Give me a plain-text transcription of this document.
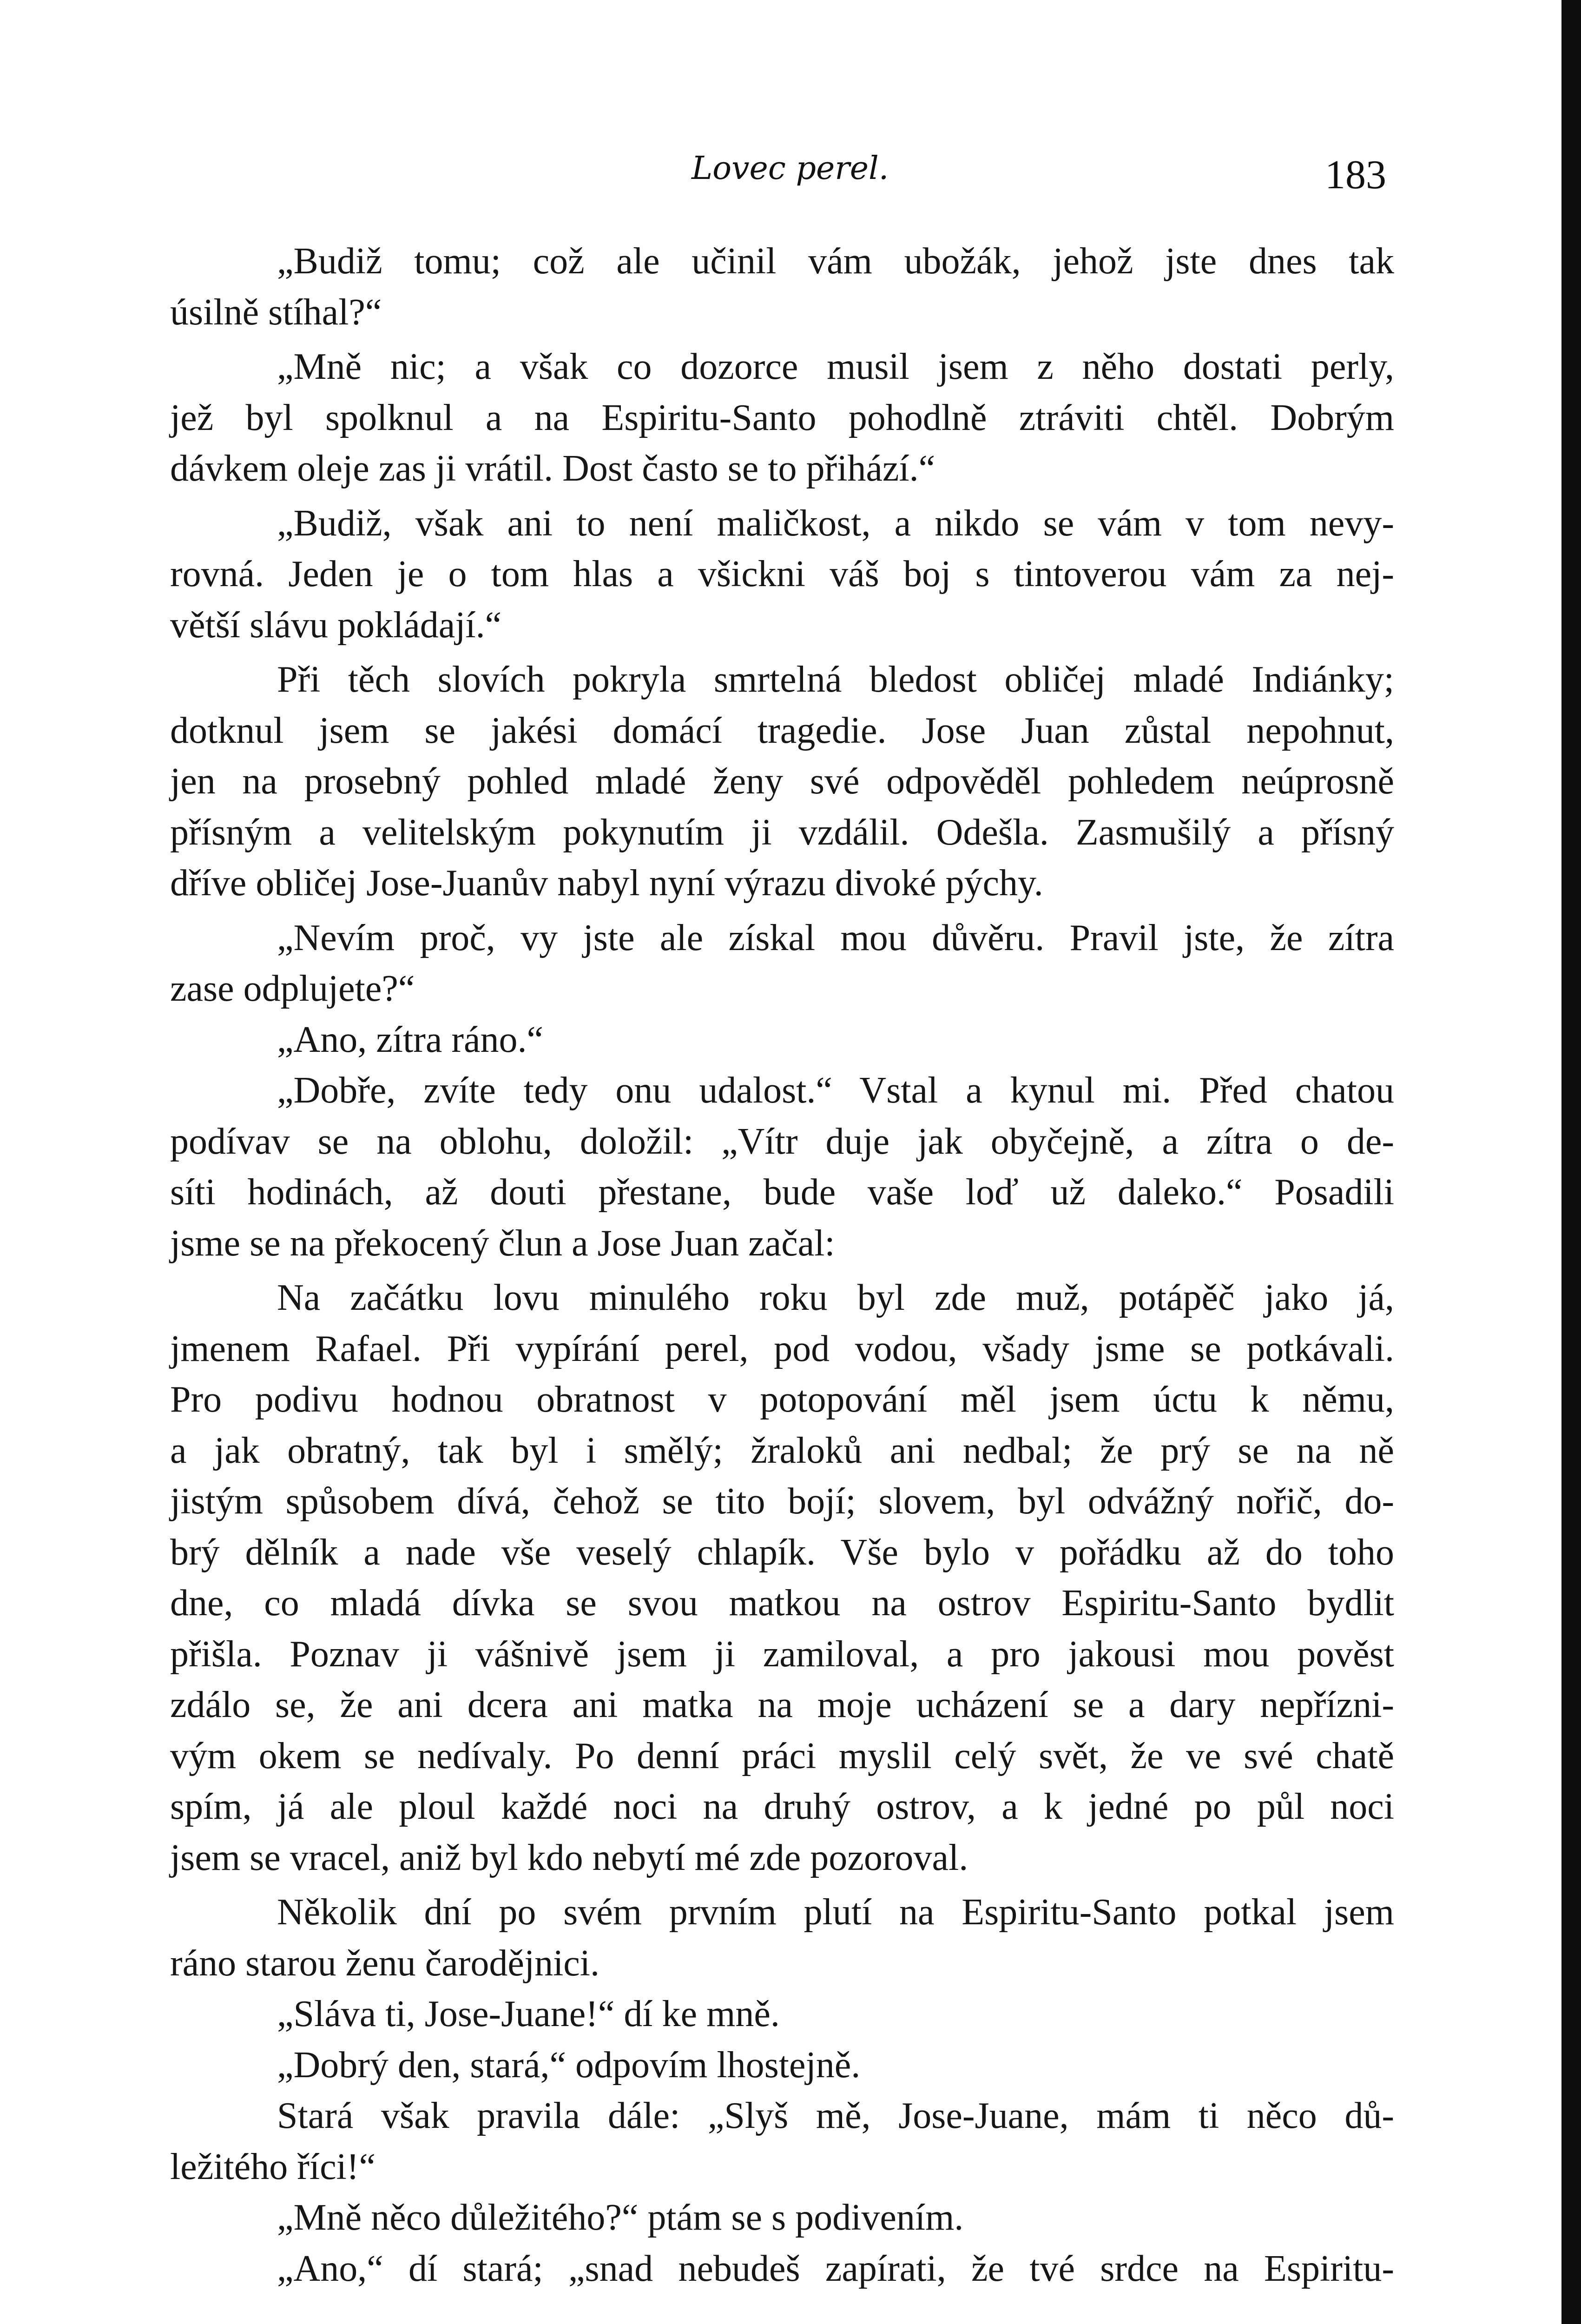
Lovec perel.	183
„Budiž tomu; což ale učinil vám ubožák, jehož jste dnes tak
úsilně stíhal?“
„Mně nic; a však co dozorce musil jsem z něho dostati perly,
jež byl spolknul a na Espiritu-Santo pohodlně ztráviti chtěl. Dobrým
dávkem oleje zas ji vrátil. Dost často se to přihází.“
„Budiž, však ani to není maličkost, a nikdo se vám v tom nevy-
rovná. Jeden je o tom hlas a všickni váš boj s tintoverou vám za nej-
větší slávu pokládají.“
Při těch slovích pokryla smrtelná bledost obličej mladé Indiánky;
dotknul jsem se jakési domácí tragedie. Jose Juan zůstal nepohnut,
jen na prosebný pohled mladé ženy své odpověděl pohledem neúprosně
přísným a velitelským pokynutím ji vzdálil. Odešla. Zasmušilý a přísný
dříve obličej Jose-Juanův nabyl nyní výrazu divoké pýchy.
„Nevím proč, vy jste ale získal mou důvěru. Pravil jste, že zítra
zase odplujete?“
„Ano, zítra ráno.“
„Dobře, zvíte tedy onu udalost.“ Vstal a kynul mi. Před chatou
podívav se na oblohu, doložil: „Vítr duje jak obyčejně, a zítra o de-
síti hodinách, až douti přestane, bude vaše loď už daleko.“ Posadili
jsme se na překocený člun a Jose Juan začal:
Na začátku lovu minulého roku byl zde muž, potápěč jako já,
jmenem Rafael. Při vypírání perel, pod vodou, všady jsme se potkávali.
Pro podivu hodnou obratnost v potopování měl jsem úctu k němu,
a jak obratný, tak byl i smělý; žraloků ani nedbal; že prý se na ně
jistým spůsobem dívá, čehož se tito bojí; slovem, byl odvážný nořič, do-
brý dělník a nade vše veselý chlapík. Vše bylo v pořádku až do toho
dne, co mladá dívka se svou matkou na ostrov Espiritu-Santo bydlit
přišla. Poznav ji vášnivě jsem ji zamiloval, a pro jakousi mou pověst
zdálo se, že ani dcera ani matka na moje ucházení se a dary nepřízni-
vým okem se nedívaly. Po denní práci myslil celý svět, že ve své chatě
spím, já ale ploul každé noci na druhý ostrov, a k jedné po půl noci
jsem se vracel, aniž byl kdo nebytí mé zde pozoroval.
Několik dní po svém prvním plutí na Espiritu-Santo potkal jsem
ráno starou ženu čarodějnici.
„Sláva ti, Jose-Juane!“ dí ke mně.
„Dobrý den, stará,“ odpovím lhostejně.
Stará však pravila dále: „Slyš mě, Jose-Juane, mám ti něco dů-
ležitého říci!“
„Mně něco důležitého?“ ptám se s podivením.
„Ano,“ dí stará; „snad nebudeš zapírati, že tvé srdce na Espiritu-
